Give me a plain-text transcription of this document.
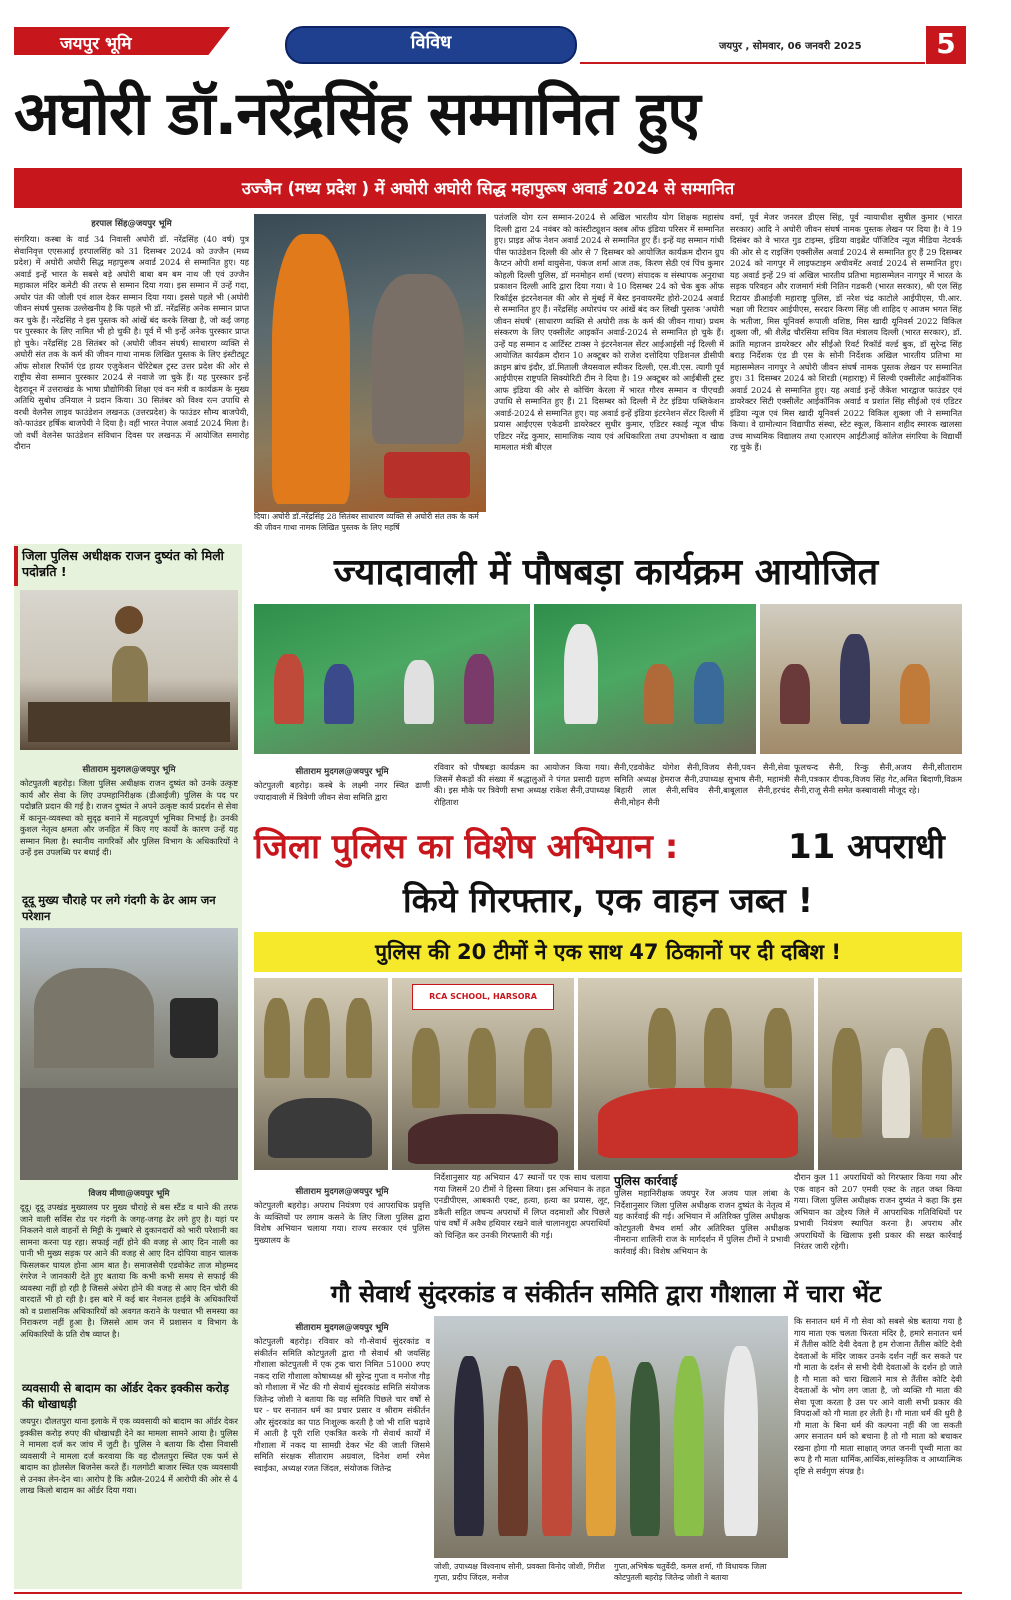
जयपुर भूमि	विविध	जयपुर , सोमवार, 06 जनवरी 2025	5
अघोरी डॉ.नरेंद्रसिंह सम्मानित हुए
उज्जैन (मध्य प्रदेश ) में अघोरी अघोरी सिद्ध महापुरूष अवार्ड 2024 से सम्मानित
हरपाल सिंह@जयपुर भूमि
संगरिया। कस्बा के वार्ड 34 निवासी अघोरी डॉ. नरेंद्रसिंह (40 वर्ष) पुत्र सेवानिवृत्त एएसआई हरपालसिंह को 31 दिसम्बर 2024 को उज्जैन (मध्य प्रदेश) में अघोरी अघोरी सिद्ध महापुरूष अवार्ड 2024 से सम्मानित हुए। यह अवार्ड इन्हें भारत के सबसे बड़े अघोरी बाबा बम बम नाथ जी एवं उज्जैन महाकाल मंदिर कमेटी की तरफ से सम्मान दिया गया। इस सम्मान में उन्हें गदा, अघोर पंत की जोली एवं शाल देकर सम्मान दिया गया। इससे पहले भी (अघोरी जीवन संघर्ष पुस्तक उल्लेखनीय है कि पहले भी डॉ. नरेंद्रसिंह अनेक सम्मान प्राप्त कर चुके हैं। नरेंद्रसिंह ने इस पुस्तक को आंखें बंद करके लिखा है, जो कई जगह पर पुरस्कार के लिए नामित भी हो चुकी है। पूर्व में भी इन्हें अनेक पुरस्कार प्राप्त हो चुके। नरेंद्रसिंह 28 सितंबर को (अघोरी जीवन संघर्ष) साधारण व्यक्ति से अघोरी संत तक के कर्म की जीवन गाथा नामक लिखित पुस्तक के लिए इंस्टीट्यूट ऑफ सोशल रिफॉर्म एंड हायर एजुकेशन चेरिटेबल ट्रस्ट उत्तर प्रदेश की ओर से राष्ट्रीय सेवा सम्मान पुरस्कार 2024 से नवाजे जा चुके हैं। यह पुरस्कार इन्हें देहरादून में उत्तराखंड के भाषा प्रौद्योगिकी शिक्षा एवं वन मंत्री व कार्यक्रम के मुख्य अतिथि सुबोध उनियाल ने प्रदान किया। 30 सितंबर को विश्व रत्न उपाधि से वरधी वेलनैस लाइव फाउंडेशन लखनऊ (उत्तरप्रदेश) के फाउंडर सौम्य बाजपेयी, को-फाउंडर हर्षिक बाजपेयी ने दिया है। वहीं भारत नेपाल अवार्ड 2024 मिला है। जो वर्धी वेलनेस फाउंडेशन संविधान दिवस पर लखनऊ में आयोजित समारोह दौरान
दिया। अघोरी डॉ.नरेंद्रसिंह 28 सितंबर साधारण व्यक्ति से अघोरी संत तक के कर्म की जीवन गाथा नामक लिखित पुस्तक के लिए महर्षि
पतंजलि योग रत्न सम्मान-2024 से अखिल भारतीय योग शिक्षक महासंघ दिल्ली द्वारा 24 नवंबर को कांस्टीट्यूशन क्लब ऑफ इंडिया परिसर में सम्मानित हुए। प्राइड ऑफ नेशन अवार्ड 2024 से सम्मानित हुए हैं। इन्हें यह सम्मान गांधी पीस फाउंडेशन दिल्ली की ओर से 7 दिसम्बर को आयोजित कार्यक्रम दौरान ग्रुप कैप्टन ओपी शर्मा वायुसेना, पंकज शर्मा आज तक, किरण सेठी एवं पिंच कुमार कोहली दिल्ली पुलिस, डॉ मनमोहन शर्मा (चरण) संपादक व संस्थापक अनुराधा प्रकाशन दिल्ली आदि द्वारा दिया गया। वे 10 दिसम्बर 24 को चेक बुक ऑफ रिकॉर्ड्स इंटरनेशनल की ओर से मुंबई में बेस्ट इनवायरमेंट होरो-2024 अवार्ड से सम्मानित हुए हैं। नरेंद्रसिंह अघोरपंथ पर आंखें बंद कर लिखी पुस्तक 'अघोरी जीवन संघर्ष' (साधारण व्यक्ति से अघोरी तक के कर्म की जीवन गाथा) प्रथम संस्करण के लिए एक्सीलेंट आइकॉन अवार्ड-2024 से सम्मानित हो चुके हैं। उन्हें यह सम्मान द आर्टिस्ट टाक्स ने इंटरनेशनल सेंटर आईआईसी नई दिल्ली में आयोजित कार्यक्रम दौरान 10 अक्टूबर को राजेश दत्तोदिया एडिशनल डीसीपी क्राइम ब्रांच इंदौर, डॉ.मिताली जैयसवाल स्पीकर दिल्ली, एस.वी.एस. त्यागी पूर्व आईपीएस राष्ट्रपति सिक्योरिटी टीम ने दिया है। 19 अक्टूबर को आईबीसी ट्रस्ट आफ इंडिया की ओर से कोचिंग केरला में भारत गौरव सम्मान व पीएचडी उपाधि से सम्मानित हुए हैं। 21 दिसम्बर को दिल्ली में टेट इंडिया पब्लिकेशन अवार्ड-2024 से सम्मानित हुए। यह अवार्ड इन्हें इंडिया इंटरनेशन सेंटर दिल्ली में प्रयास आईएएस एकेडमी डायरेक्टर सुधीर कुमार, एडिटर स्काई न्यूज चीफ एडिटर नरेंद्र कुमार, सामाजिक न्याय एवं अधिकारिता तथा उपभोक्ता व खाद्य मामलात मंत्री बीएल
वर्मा, पूर्व मेजर जनरल डीएस सिंह, पूर्व न्यायाधीश सुषील कुमार (भारत सरकार) आदि ने अघोरी जीवन संघर्ष नामक पुस्तक लेखन पर दिया है। वे 19 दिसंबर को वे भारत गुड टाइम्स, इंडिया वाइब्रेंट पॉजिटिव न्यूज मीडिया नेटवर्क की ओर से द राइजिंग एक्सीलेंस अवार्ड 2024 से सम्मानित हुए हैं 29 दिसम्बर 2024 को नागपुर में लाइफटाइम अचीवमेंट अवार्ड 2024 से सम्मानित हुए। यह अवार्ड इन्हें 29 वां अखिल भारतीय प्रतिभा महासम्मेलन नागपुर में भारत के सड़क परिवहन और राजमार्ग मंत्री नितिन गडकरी (भारत सरकार), श्री एल सिंह रिटायर डीआईजी महाराष्ट्र पुलिस, डॉ नरेश चंद्र काटोले आईपीएस, पी.आर. भक्षा जी रिटायर आईपीएस, सरदार किरण सिंह जी शाहिद ए आजम भगत सिंह के भतीजा, मिस यूनिवर्स रूपाली वशिष्ठ, मिस खादी यूनिवर्स 2022 विकिल शुक्ला जी, श्री शैलेंद्र चौरसिया सचिव वित मंत्रालय दिल्ली (भारत सरकार), डॉ. क्रांति महाजन डायरेक्टर और सीईओ रिवर्ट रिकॉर्ड वर्ल्ड बुक, डॉ सुरेन्द्र सिंह बराड़ निर्देशक एंड डी एस के सोनी निर्देशक अखिल भारतीय प्रतिभा मा महासम्मेलन नागपुर ने अघोरी जीवन संघर्ष नामक पुस्तक लेखन पर सम्मानित हुए। 31 दिसम्बर 2024 को शिरडी (महाराष्ट्र) में सिल्वी एक्सीलेंट आईकॉनिक अवार्ड 2024 से सम्मानित हुए। यह अवार्ड इन्हें जैकेश भारद्वाज फाउंडर एवं डायरेक्टर सिटी एक्सीलेंट आईकॉनिक अवार्ड व प्रशांत सिंह सीईओ एवं एडिटर इंडिया न्यूज एवं मिस खादी यूनिवर्स 2022 विकिल शुक्ला जी ने सम्मानित किया। वे ग्रामोत्थान विद्यापीठ संस्था, स्टेट स्कूल, किसान शहीद स्मारक खालसा उच्च माध्यमिक विद्यालय तथा एआरएम आईटीआई कॉलेज संगरिया के विद्यार्थी रह चुके हैं।
जिला पुलिस अधीक्षक राजन दुष्यंत को मिली पदोन्नति !
सीताराम मुदगल@जयपुर भूमि
कोटपुतली बहरोड़। जिला पुलिस अधीक्षक राजन दुष्यंत को उनके उत्कृष्ट कार्य और सेवा के लिए उपमहानिरीक्षक (डीआईजी) पुलिस के पद पर पदोन्नति प्रदान की गई है। राजन दुष्यंत ने अपने उत्कृष्ट कार्य प्रदर्शन से सेवा में कानून-व्यवस्था को सुदृढ़ बनाने में महत्वपूर्ण भूमिका निभाई है। उनकी कुशल नेतृत्व क्षमता और जनहित में किए गए कार्यों के कारण उन्हें यह सम्मान मिला है। स्थानीय नागरिकों और पुलिस विभाग के अधिकारियों ने उन्हें इस उपलब्धि पर बधाई दी।
दूदू मुख्य चौराहे पर लगे गंदगी के ढेर आम जन परेशान
विजय मीणा@जयपुर भूमि
दूदू। दूदू उपखंड मुख्यालय पर मुख्य चौराहे से बस स्टैंड व थाने की तरफ जाने वाली सर्विस रोड पर गंदगी के जगह-जगह ढेर लगे हुए है। यहां पर निकलने वाले वाहनों से मिट्टी के गुब्बारे से दुकानदारों को भारी परेशानी का सामना करना पड़ रहा। सफाई नहीं होने की वजह से आए दिन नाली का पानी भी मुख्य सड़क पर आने की वजह से आए दिन दोपिया वाहन चालक फिसलकर घायल होना आम बात है। समाजसेवी एडवोकेट ताज मोहम्मद रंगरेज ने जानकारी देते हुए बताया कि कभी कभी समय से सफाई की व्यवस्था नहीं हो रही है जिससे अंधेरा होने की वजह से आए दिन चोरी की वारदातें भी हो रही है। इस बारे में कई बार नेशनल हाईवे के अधिकारियों को व प्रशासनिक अधिकारियों को अवगत कराने के पश्चात भी समस्या का निराकरण नहीं हुआ है। जिससे आम जन में प्रशासन व विभाग के अधिकारियों के प्रति रोष व्याप्त है।
व्यवसायी से बादाम का ऑर्डर देकर इक्कीस करोड़ की धोखाधड़ी
जयपुर। दौलतपुरा थाना इलाके में एक व्यवसायी को बादाम का ऑर्डर देकर इक्कीस करोड़ रुपए की धोखाधड़ी देने का मामला सामने आया है। पुलिस ने मामला दर्ज कर जांच में जुटी है। पुलिस ने बताया कि दौसा निवासी व्यवसायी ने मामला दर्ज करवाया कि वह दौलतपुरा स्थित एक फर्म से बादाम का होलसेल बिजनेस करते हैं। गलगोटी बाजार स्थित एक व्यवसायी से उनका लेन-देन था। आरोप है कि अप्रैल-2024 में आरोपी की ओर से 4 लाख किलो बादाम का ऑर्डर दिया गया।
ज्यादावाली में पौषबड़ा कार्यक्रम आयोजित
सीताराम मुदगल@जयपुर भूमि
कोटपुतली बहरोड़। कस्बे के लक्ष्मी नगर स्थित ढाणी ज्यादावाली में त्रिवेणी जीवन सेवा समिति द्वारा
रविवार को पौषबड़ा कार्यक्रम का आयोजन किया गया। जिसमें सैकड़ों की संख्या में श्रद्धालुओं ने पंगत प्रसादी ग्रहण की। इस मौके पर त्रिवेणी सभा अध्यक्ष राकेश सैनी,उपाध्यक्ष रोहिताश
सैनी,एडवोकेट योगेश सैनी,विजय सैनी,पवन सैनी,सेवा समिति अध्यक्ष हेमराज सैनी,उपाध्यक्ष सुभाष सैनी, महामंत्री बिहारी लाल सैनी,सचिव सैनी,बाबूलाल सैनी,हरचंद सैनी,मोहन सैनी
फूलचन्द सैनी, रिन्कु सैनी,अजय सैनी,सीताराम सैनी,पत्रकार दीपक,विजय सिंह गेट,अमित बिदाणी,विक्रम सैनी,राजू सैनी समेत कस्बावासी मौजूद रहे।
जिला पुलिस का विशेष अभियान :	11 अपराधी
किये गिरफ्तार, एक वाहन जब्त !
पुलिस की 20 टीमों ने एक साथ 47 ठिकानों पर दी दबिश !
RCA SCHOOL, HARSORA
सीताराम मुदगल@जयपुर भूमि
कोटपुतली बहरोड़। अपराध नियंत्रण एवं आपराधिक प्रवृत्ति के व्यक्तियों पर लगाम कसने के लिए जिला पुलिस द्वारा विशेष अभियान चलाया गया। राज्य सरकार एवं पुलिस मुख्यालय के
निर्देशानुसार यह अभियान 47 स्थानों पर एक साथ चलाया गया जिसमें 20 टीमों ने हिस्सा लिया। इस अभियान के तहत एनडीपीएस, आबकारी एक्ट, हत्या, हत्या का प्रयास, लूट, डकैती सहित जघन्य अपराधों में लिप्त वदमाशों और पिछले पांच वर्षों में अवैध हथियार रखने वाले चालानशुदा अपराधियों को चिन्हित कर उनकी गिरफ्तारी की गई।
पुलिस कार्रवाई
पुलिस महानिरीक्षक जयपुर रेंज अजय पाल लांबा के निर्देशानुसार जिला पुलिस अधीक्षक राजन दुष्यंत के नेतृत्व में यह कार्रवाई की गई। अभियान में अतिरिक्त पुलिस अधीक्षक कोटपुतली वैभव शर्मा और अतिरिक्त पुलिस अधीक्षक नीमराना शालिनी राज के मार्गदर्शन में पुलिस टीमों ने प्रभावी कार्रवाई की। विशेष अभियान के
दौरान कुल 11 अपराधियों को गिरफ्तार किया गया और एक वाहन को 207 एमवी एक्ट के तहत जब्त किया गया। जिला पुलिस अधीक्षक राजन दुष्यंत ने कहा कि इस अभियान का उद्देश्य जिले में आपराधिक गतिविधियों पर प्रभावी नियंत्रण स्थापित करना है। अपराध और अपराधियों के खिलाफ इसी प्रकार की सख्त कार्रवाई निरंतर जारी रहेगी।
गौ सेवार्थ सुंदरकांड व संकीर्तन समिति द्वारा गौशाला में चारा भेंट
सीताराम मुदगल@जयपुर भूमि
कोटपुतली बहरोड़। रविवार को गौ-सेवार्थ सुंदरकांड व संकीर्तन समिति कोटपुतली द्वारा गौ सेवार्थ श्री जयसिंह गौशाला कोटपुतली में एक ट्रक चारा निमित 51000 रुपए नकद राशि गौशाला कोषाध्यक्ष श्री सुरेन्द्र गुप्ता व मनोज गौड़ को गौशाला में भेंट की गौ सेवार्थ सुंदरकांड समिति संयोजक जितेन्द्र जोशी ने बताया कि यह समिति पिछले चार वर्षों से घर - घर सनातन धर्म का प्रचार प्रसार व श्रीराम संकीर्तन और सुंदरकांड का पाठ निःशुल्क करती है जो भी राशि चढ़ावे में आती है पूरी राशि एकत्रित करके गौ सेवार्थ कार्यों में गौशाला में नकद या सामग्री देकर भेंट की जाती जिसमे समिति संरक्षक सीताराम अग्रवाल, दिनेश शर्मा रमेश स्वाईका, अध्यक्ष रजत जिंदल, संयोजक जितेन्द्र
जोशी, उपाध्यक्ष विश्वनाथ सोनी, प्रवक्ता विनोद जोशी, गिरीश गुप्ता, प्रदीप जिंदल, मनोज
गुप्ता,अभिषेक चतुर्वेदी, कमल शर्मा, गौ विधायक जिला कोटपुतली बहरोड़ जितेन्द्र जोशी ने बताया
कि सनातन धर्म में गौ सेवा को सबसे श्रेष्ठ बताया गया है गाय माता एक चलता फिरता मंदिर है, हमारे सनातन धर्म में तैंतीस कोटि देवी देवता है हम रोजाना तैंतीस कोटि देवी देवताओं के मंदिर जाकर उनके दर्शन नहीं कर सकते पर गौ माता के दर्शन से सभी देवी देवताओं के दर्शन हो जाते है गौ माता को चारा खिलाने मात्र से तैंतीस कोटि देवी देवताओं के भोग लग जाता है, जो व्यक्ति गौ माता की सेवा पूजा करता है उस पर आने वाली सभी प्रकार की विपदाओं को गौ माता हर लेती है। गौ माता धर्म की धुरी है गौ माता के बिना धर्म की कल्पना नहीं की जा सकती अगर सनातन धर्म को बचाना है तो गौ माता को बचाकर रखना होगा गौ माता साक्षात् जगत जननी पृथ्वी माता का रूप है गौ माता धार्मिक,आर्थिक,सांस्कृतिक व आध्यात्मिक दृष्टि से सर्वगुण संपन्न है।
